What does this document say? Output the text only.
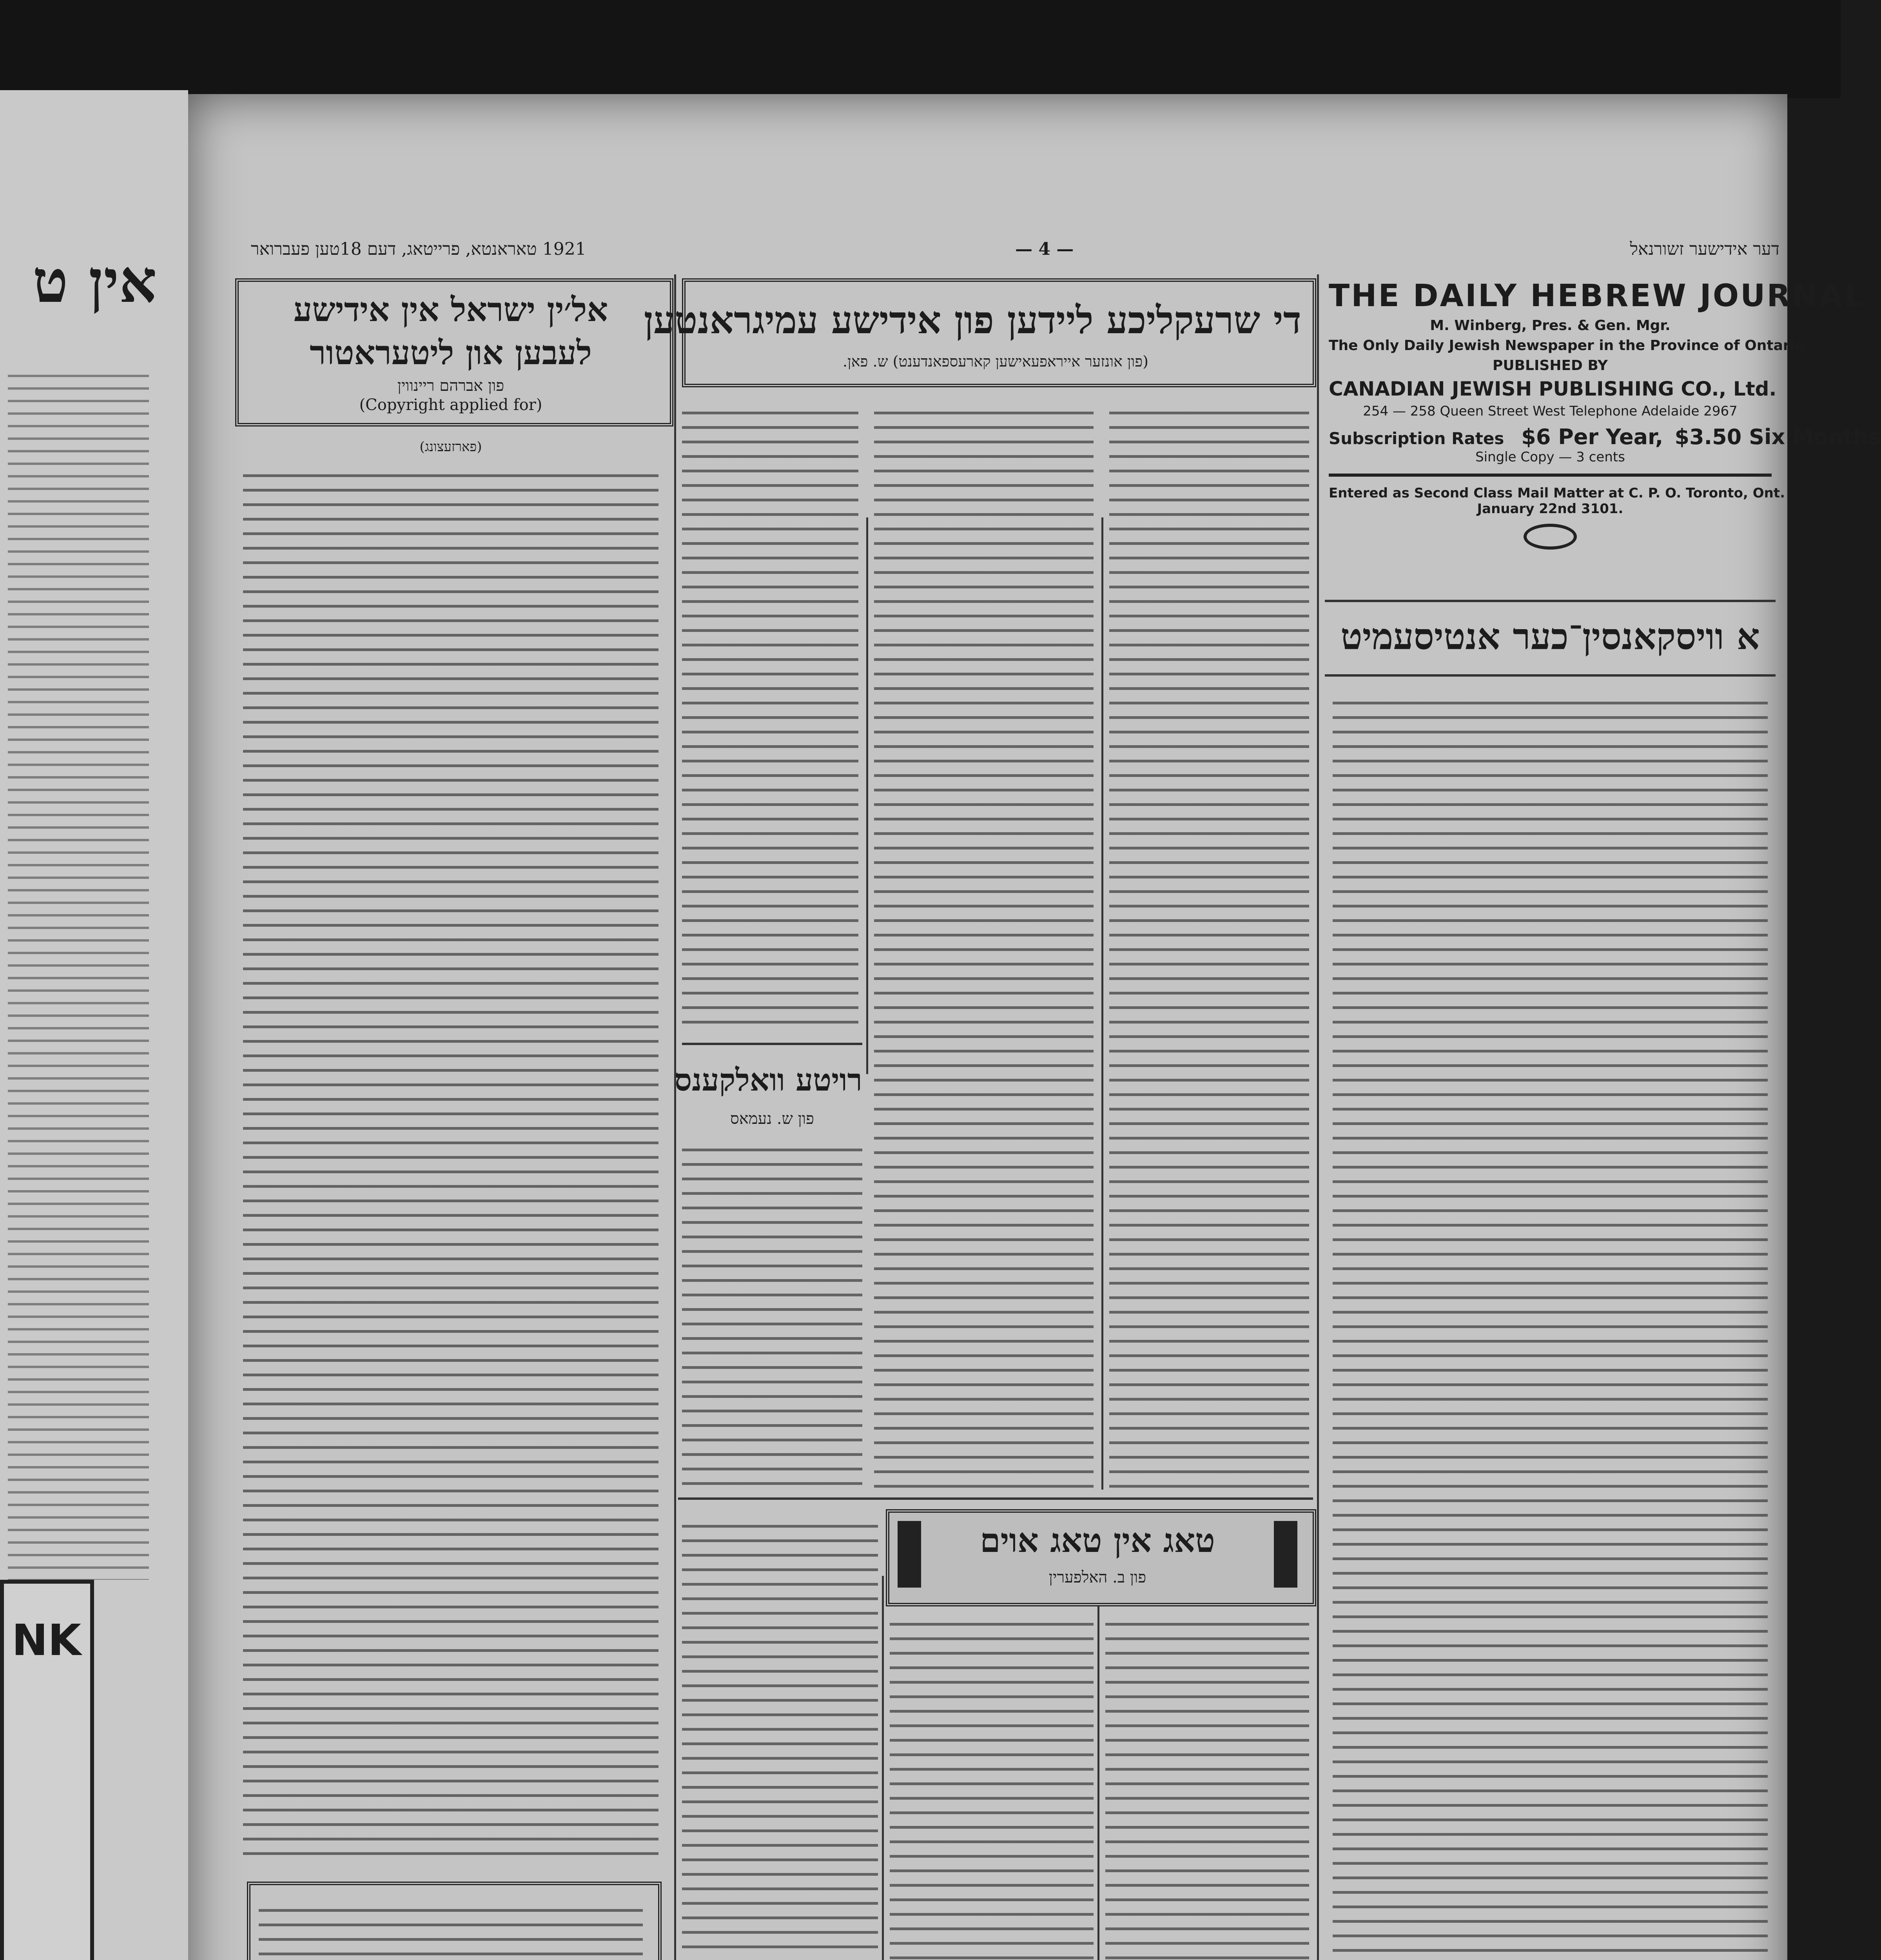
אין ט
NK
1921 טאראנטא, פרייטאג, דעם 18טען פעברואר	— 4 —	דער אידישער זשורנאל
THE DAILY HEBREW JOURNAL
M. Winberg, Pres. & Gen. Mgr.
The Only Daily Jewish Newspaper in the Province of Ontario
PUBLISHED BY
CANADIAN JEWISH PUBLISHING CO., Ltd.
254 — 258 Queen Street West Telephone Adelaide 2967
Subscription Rates $6 Per Year, $3.50 Six Months
Single Copy — 3 cents
Entered as Second Class Mail Matter at C. P. O. Toronto, Ont.
January 22nd 3101.
א וויסקאנסין־כער אנטיסעמיט
די שרעקליכע ליידען פון אידישע עמיגראנטען
(פון אונזער אייראפעאישען קארעספאנדענט) ש. פאן.
רויטע וואלקענס
פון ש. נעמאס
טאג אין טאג אוים
פון ב. האלפערין
אל׳ין ישראל אין אידישע
לעבען און ליטעראטור
פון אברהם ריינווין
(Copyright applied for)
(פארזעצונג)
